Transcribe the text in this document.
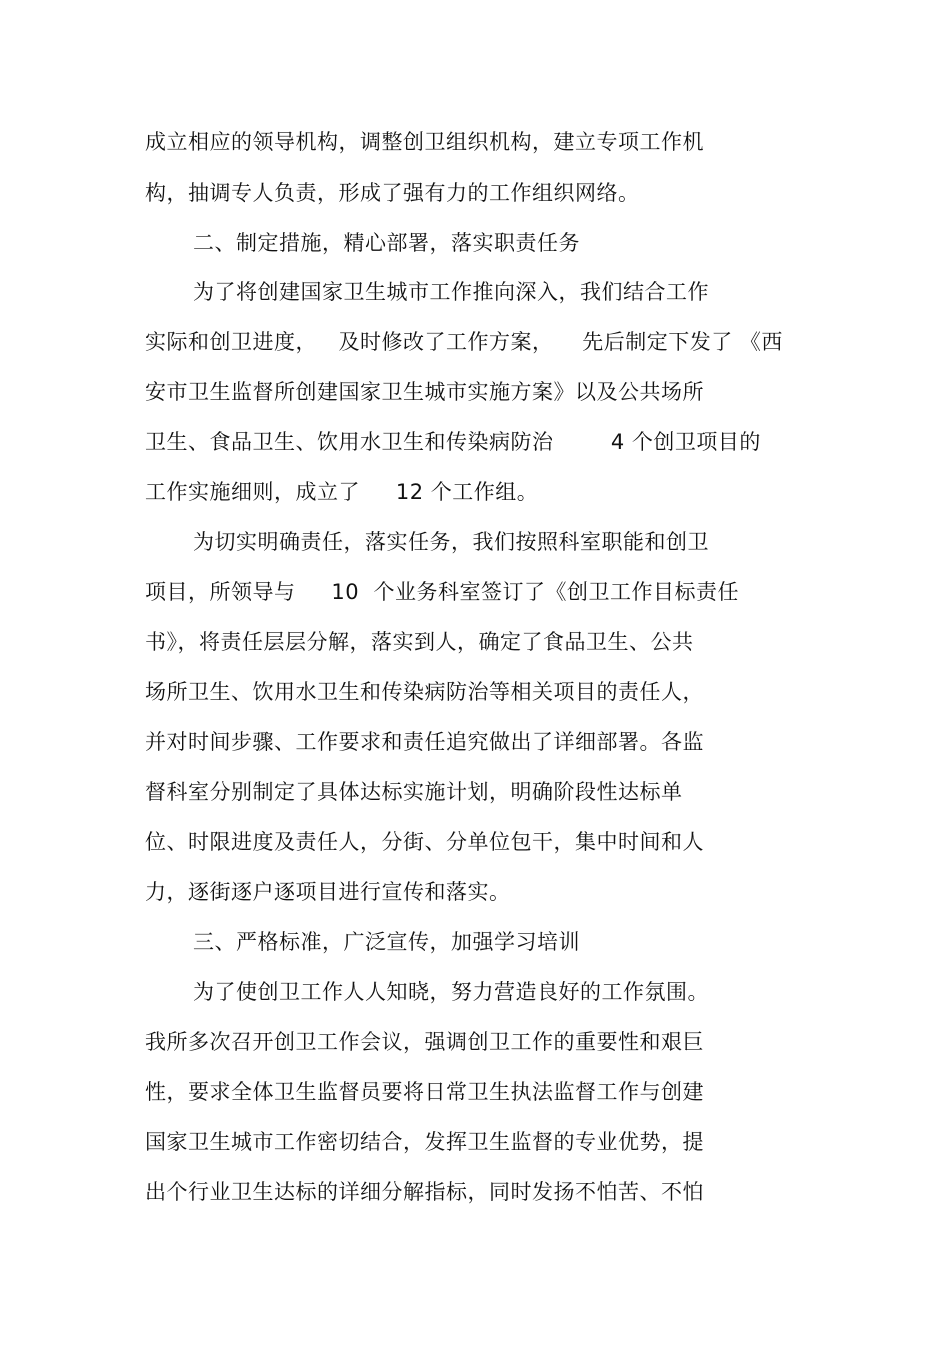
成立相应的领导机构，调整创卫组织机构，建立专项工作机
构，抽调专人负责，形成了强有力的工作组织网络。
二、制定措施，精心部署，落实职责任务
为了将创建国家卫生城市工作推向深入，我们结合工作
实际和创卫进度，   及时修改了工作方案，    先后制定下发了 《西
安市卫生监督所创建国家卫生城市实施方案》以及公共场所
卫生、食品卫生、饮用水卫生和传染病防治        4 个创卫项目的
工作实施细则，成立了     12 个工作组。
为切实明确责任，落实任务，我们按照科室职能和创卫
项目，所领导与     10  个业务科室签订了《创卫工作目标责任
书》，将责任层层分解，落实到人，确定了食品卫生、公共
场所卫生、饮用水卫生和传染病防治等相关项目的责任人，
并对时间步骤、工作要求和责任追究做出了详细部署。各监
督科室分别制定了具体达标实施计划，明确阶段性达标单
位、时限进度及责任人，分街、分单位包干，集中时间和人
力，逐街逐户逐项目进行宣传和落实。
三、严格标准，广泛宣传，加强学习培训
为了使创卫工作人人知晓，努力营造良好的工作氛围。
我所多次召开创卫工作会议，强调创卫工作的重要性和艰巨
性，要求全体卫生监督员要将日常卫生执法监督工作与创建
国家卫生城市工作密切结合，发挥卫生监督的专业优势，提
出个行业卫生达标的详细分解指标，同时发扬不怕苦、不怕
